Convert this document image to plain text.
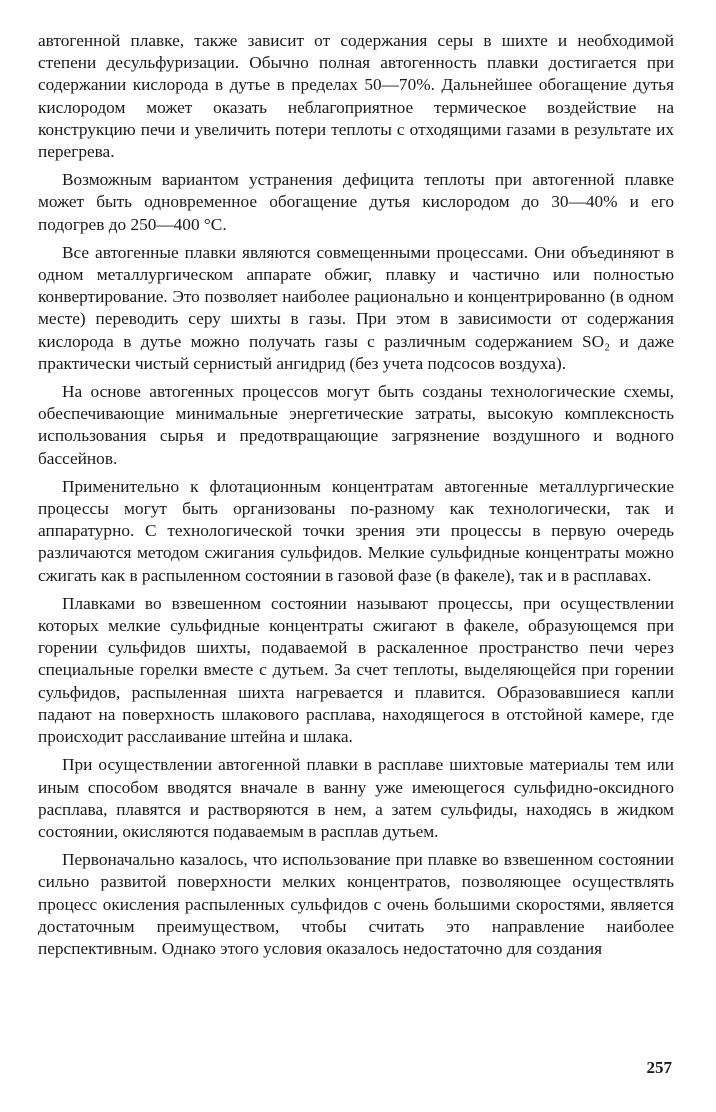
автогенной плавке, также зависит от содержания серы в шихте и необходимой степени десульфуризации. Обычно полная автогенность плавки достигается при содержании кислорода в дутье в пределах 50—70%. Дальнейшее обогащение дутья кислородом может оказать неблагоприятное термическое воздействие на конструкцию печи и увеличить потери теплоты с отходящими газами в результате их перегрева.

Возможным вариантом устранения дефицита теплоты при автогенной плавке может быть одновременное обогащение дутья кислородом до 30—40% и его подогрев до 250—400 °C.

Все автогенные плавки являются совмещенными процессами. Они объединяют в одном металлургическом аппарате обжиг, плавку и частично или полностью конвертирование. Это позволяет наиболее рационально и концентрированно (в одном месте) переводить серу шихты в газы. При этом в зависимости от содержания кислорода в дутье можно получать газы с различным содержанием SO₂ и даже практически чистый сернистый ангидрид (без учета подсосов воздуха).

На основе автогенных процессов могут быть созданы технологические схемы, обеспечивающие минимальные энергетические затраты, высокую комплексность использования сырья и предотвращающие загрязнение воздушного и водного бассейнов.

Применительно к флотационным концентратам автогенные металлургические процессы могут быть организованы по-разному как технологически, так и аппаратурно. С технологической точки зрения эти процессы в первую очередь различаются методом сжигания сульфидов. Мелкие сульфидные концентраты можно сжигать как в распыленном состоянии в газовой фазе (в факеле), так и в расплавах.

Плавками во взвешенном состоянии называют процессы, при осуществлении которых мелкие сульфидные концентраты сжигают в факеле, образующемся при горении сульфидов шихты, подаваемой в раскаленное пространство печи через специальные горелки вместе с дутьем. За счет теплоты, выделяющейся при горении сульфидов, распыленная шихта нагревается и плавится. Образовавшиеся капли падают на поверхность шлакового расплава, находящегося в отстойной камере, где происходит расслаивание штейна и шлака.

При осуществлении автогенной плавки в расплаве шихтовые материалы тем или иным способом вводятся вначале в ванну уже имеющегося сульфидно-оксидного расплава, плавятся и растворяются в нем, а затем сульфиды, находясь в жидком состоянии, окисляются подаваемым в расплав дутьем.

Первоначально казалось, что использование при плавке во взвешенном состоянии сильно развитой поверхности мелких концентратов, позволяющее осуществлять процесс окисления распыленных сульфидов с очень большими скоростями, является достаточным преимуществом, чтобы считать это направление наиболее перспективным. Однако этого условия оказалось недостаточно для создания

257
